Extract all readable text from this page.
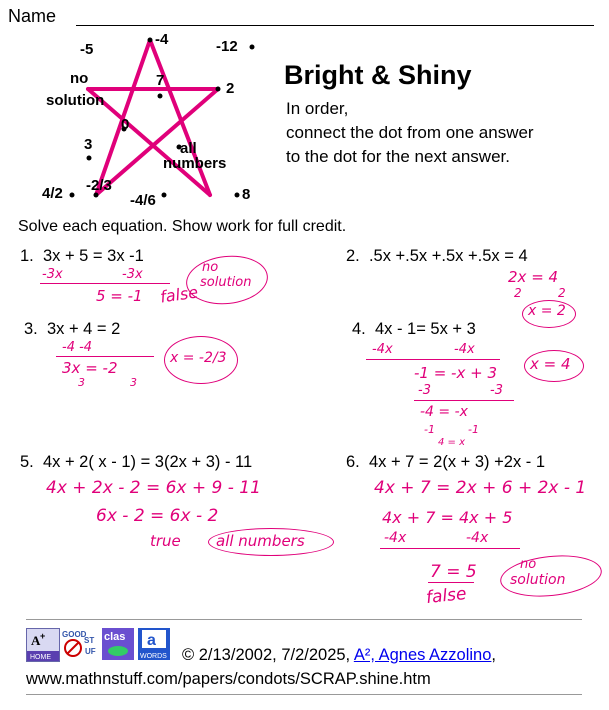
Name
-5
-4	-12
no
solution
7	2
0
3	all
numbers
4/2 -2/3
-4/6	8
Bright & Shiny
In order,
connect the dot from one answer
to the dot for the next answer.
Solve each equation. Show work for full credit.
1. 3x + 5 = 3x -1	2. .5x +.5x +.5x +.5x = 4
3. 3x + 4 = 2	4. 4x - 1= 5x + 3
5. 4x + 2( x - 1) = 3(2x + 3) - 11	6. 4x + 7 = 2(x + 3) +2x - 1
-3x	-3x
5 = -1 false
no
solution	2x = 4
2	2
x = 2
-4 -4
3x = -2
3	3
x = -2/3
-4x	-4x
-1 = -x + 3
-3	-3
-4 = -x
-1	-1
4 = x
x = 4
4x + 2x - 2 = 6x + 9 - 11
6x - 2 = 6x - 2
true all numbers
4x + 7 = 2x + 6 + 2x - 1
4x + 7 = 4x + 5
-4x	-4x
7 = 5
false
no
solution
A +
HOME
GOOD
ST
UF
clas a
WORDS © 2/13/2002, 7/2/2025, A², Agnes Azzolino,
www.mathnstuff.com/papers/condots/SCRAP.shine.htm
